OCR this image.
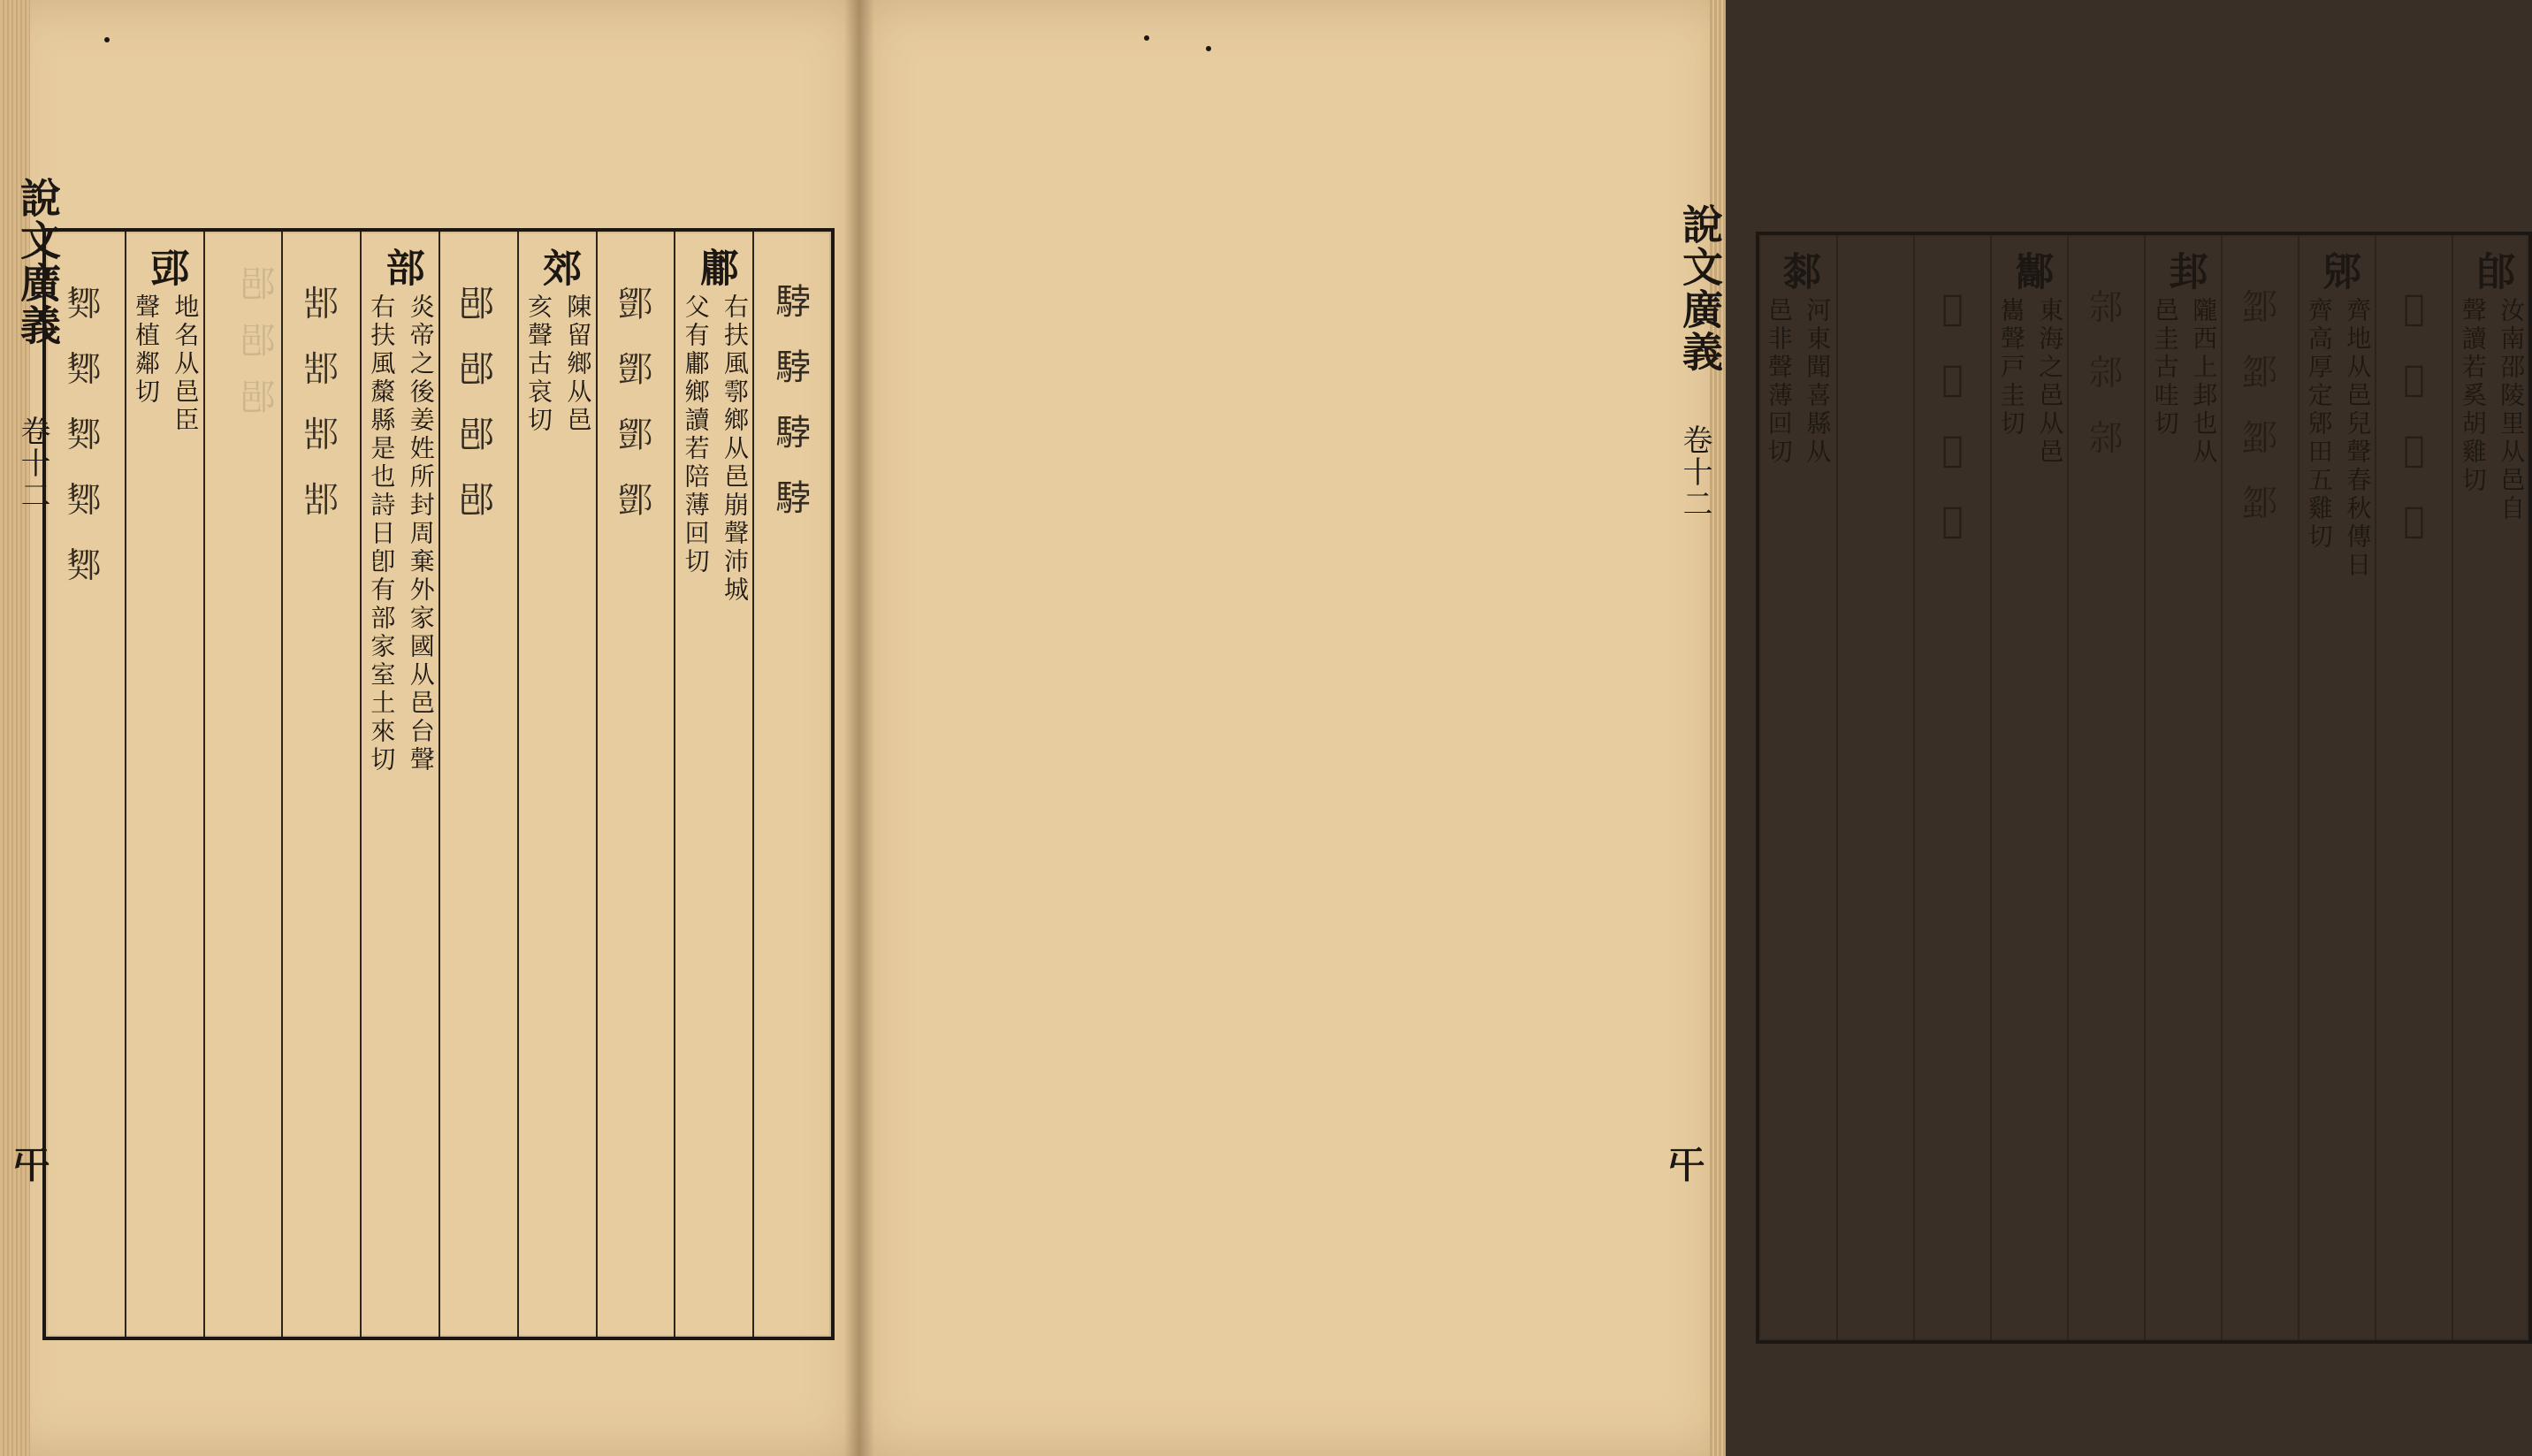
𨛗𨛗𨛗
說文廣義
卷十二
𡕒
𩣡𩣡𩣡𩣡
鄘
右扶風鄠鄉从邑崩聲沛城
父有鄘鄉讀若陪薄回切
𨞌𨞌𨞌𨞌
郊
陳留鄉从邑
亥聲古哀切
𨛗𨛗𨛗𨛗
部
炎帝之後姜姓所封周棄外家國从邑台聲
右扶風斄縣是也詩日卽有部家室土來切
𨜋𨜋𨜋𨜋
郖
地名从邑臣
聲植鄰切
𨜒𨜒𨜒𨜒𨜒	說文廣義
卷十二
𡕒
郋
汝南邵陵里从邑自
聲讀若奚胡雞切
𨛜𨛜𨛜𨛜
郳
齊地从邑兒聲春秋傳日
齊高厚定郳田五雞切
𨜗𨜗𨜗𨜗
邽
隴西上邽也从
邑圭古哇切
𨛱𨛱𨛱
酅
東海之邑从邑
巂聲戸圭切
𨞥𨞥𨞥𨞥
䣛
河東聞喜縣从
邑非聲薄回切
